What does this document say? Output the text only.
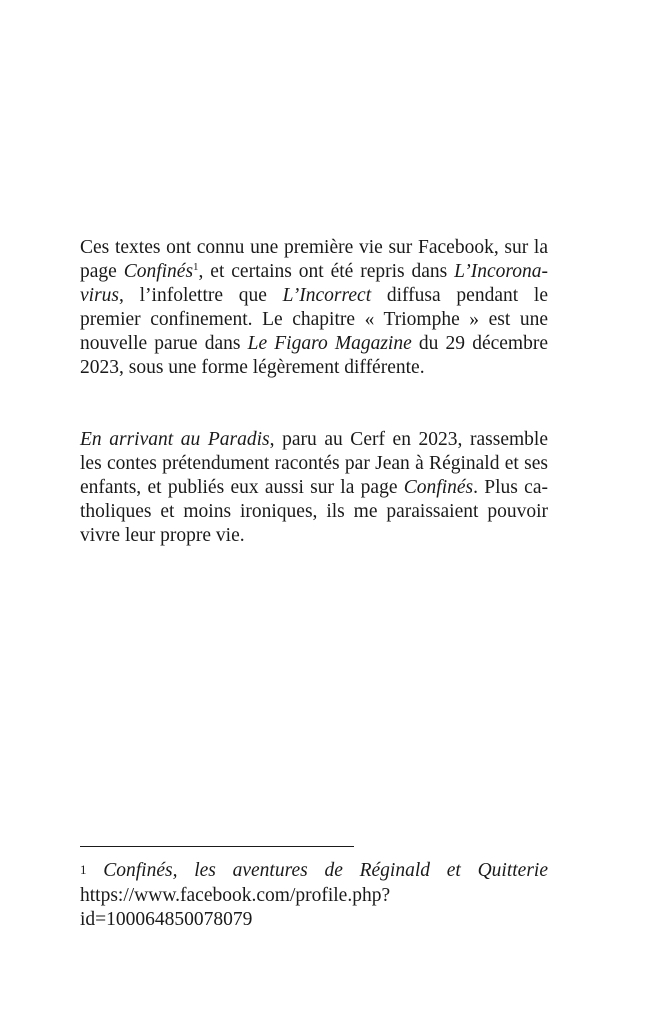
Ces textes ont connu une première vie sur Facebook, sur la page Confinés$^1$, et certains ont été repris dans L’Incoronavirus, l’infolettre que L’Incorrect diffusa pendant le premier confinement. Le chapitre « Triomphe » est une nouvelle parue dans Le Figaro Magazine du 29 décembre 2023, sous une forme légèrement différente.

En arrivant au Paradis, paru au Cerf en 2023, rassemble les contes prétendument racontés par Jean à Réginald et ses enfants, et publiés eux aussi sur la page Confinés. Plus catholiques et moins ironiques, ils me paraissaient pouvoir vivre leur propre vie.

1 Confinés, les aventures de Réginald et Quitterie https://www.facebook.com/profile.php?id=100064850078079
